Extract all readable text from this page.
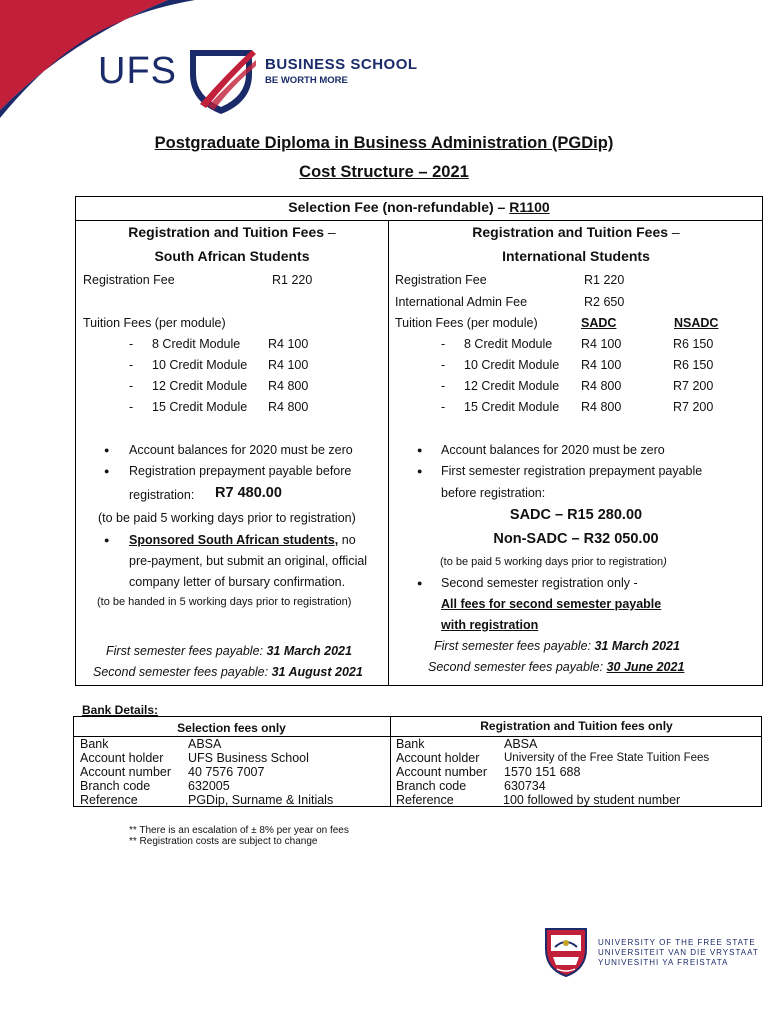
UFS	BUSINESS SCHOOL
BE WORTH MORE
Postgraduate Diploma in Business Administration (PGDip)
Cost Structure – 2021
Selection Fee (non-refundable) – R1100
Registration and Tuition Fees –
South African Students
Registration Fee	R1 220
Tuition Fees (per module)
- 8 Credit Module R4 100
- 10 Credit Module R4 100
- 12 Credit Module R4 800
- 15 Credit Module R4 800
● Account balances for 2020 must be zero
● Registration prepayment payable before
registration: R7 480.00
(to be paid 5 working days prior to registration)
● Sponsored South African students, no
pre-payment, but submit an original, official
company letter of bursary confirmation.
(to be handed in 5 working days prior to registration)
First semester fees payable: 31 March 2021
Second semester fees payable: 31 August 2021
Registration and Tuition Fees –
International Students
Registration Fee	R1 220
International Admin Fee	R2 650
Tuition Fees (per module)	SADC	NSADC
- 8 Credit Module R4 100	R6 150
- 10 Credit Module R4 100	R6 150
- 12 Credit Module R4 800	R7 200
- 15 Credit Module R4 800	R7 200
● Account balances for 2020 must be zero
● First semester registration prepayment payable
before registration:
SADC – R15 280.00
Non-SADC – R32 050.00
(to be paid 5 working days prior to registration)
● Second semester registration only -
All fees for second semester payable
with registration
First semester fees payable: 31 March 2021
Second semester fees payable: 30 June 2021
Bank Details:
Selection fees only	Registration and Tuition fees only
Bank	ABSA
Account holder UFS Business School
Account number 40 7576 7007
Branch code	632005
Reference	PGDip, Surname & Initials
Bank	ABSA
Account holder University of the Free State Tuition Fees
Account number 1570 151 688
Branch code	630734
Reference	100 followed by student number
** There is an escalation of ± 8% per year on fees
** Registration costs are subject to change
UNIVERSITY OF THE FREE STATE
UNIVERSITEIT VAN DIE VRYSTAAT
YUNIVESITHI YA FREISTATA
